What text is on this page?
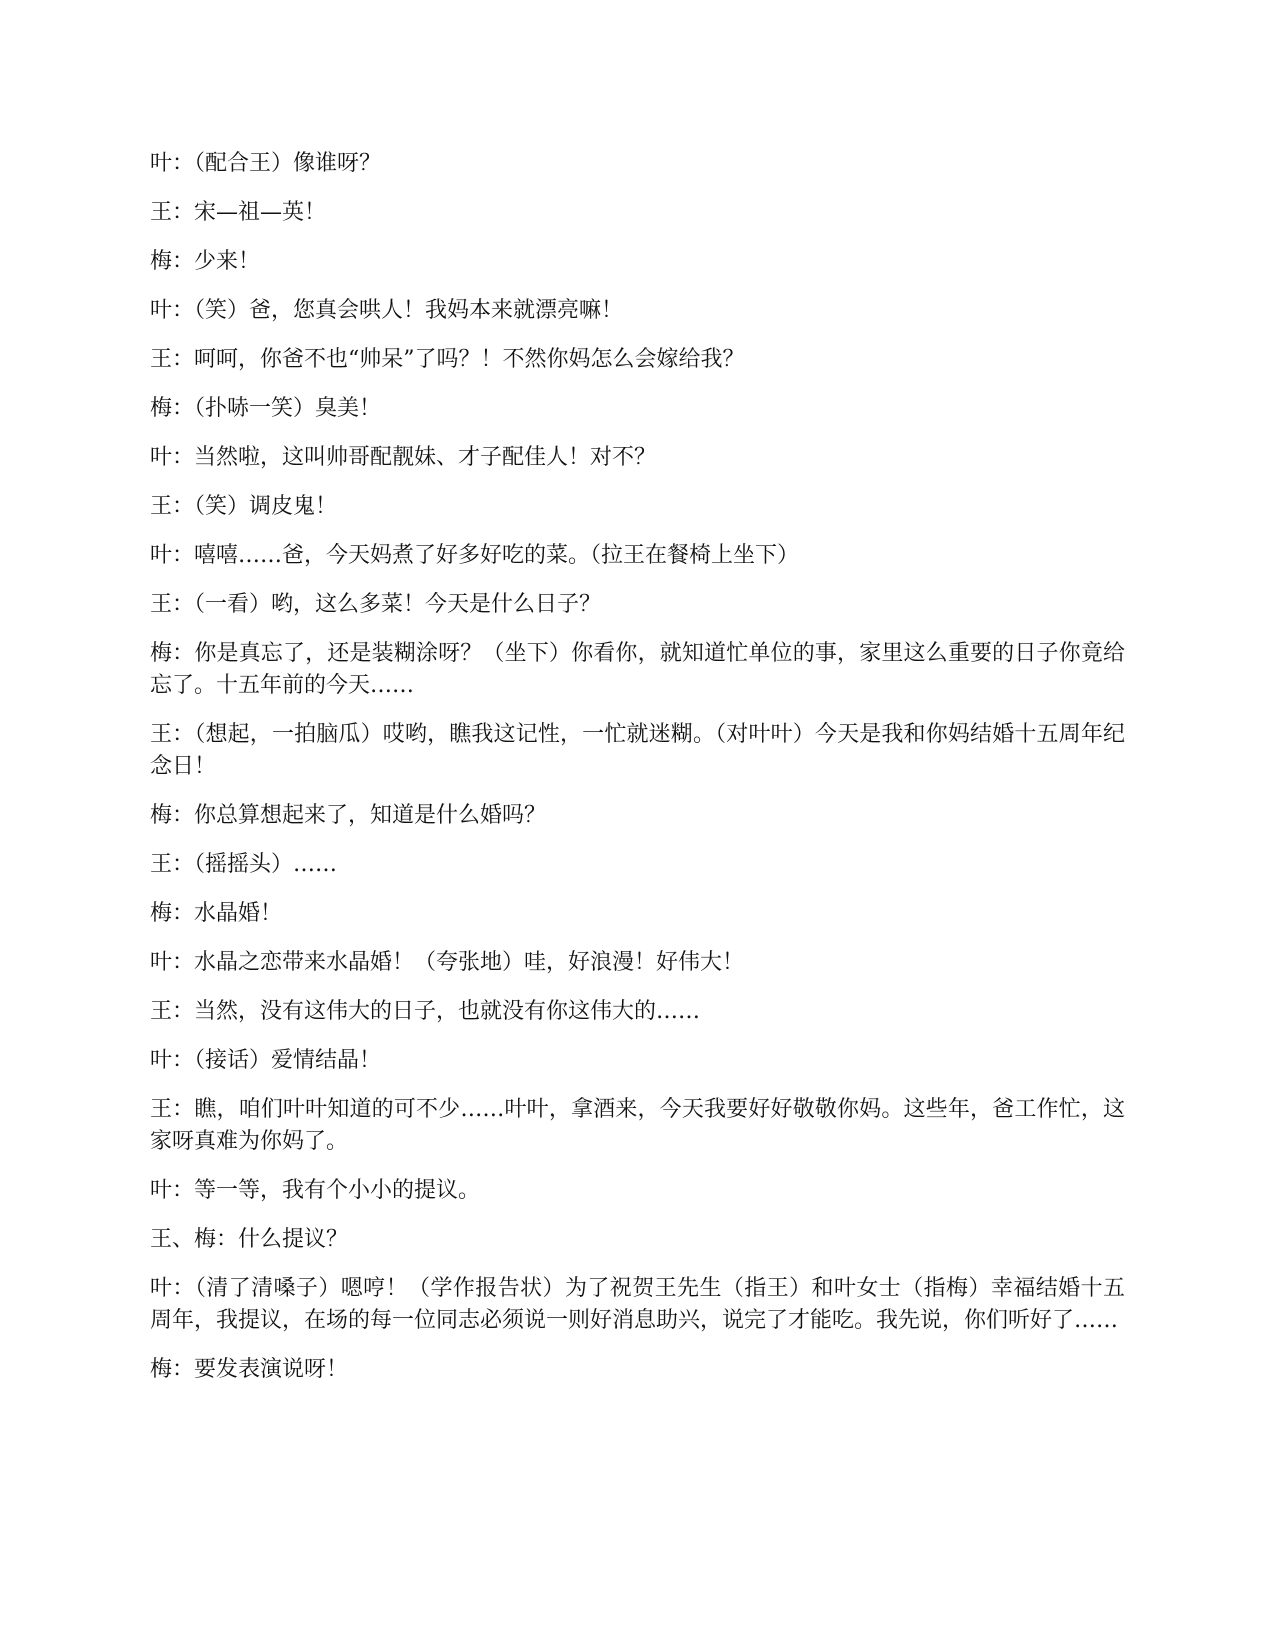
叶：（配合王）像谁呀？

王：宋—祖—英！

梅：少来！

叶：（笑）爸，您真会哄人！我妈本来就漂亮嘛！

王：呵呵，你爸不也“帅呆”了吗？！不然你妈怎么会嫁给我？

梅：（扑哧一笑）臭美！

叶：当然啦，这叫帅哥配靓妹、才子配佳人！对不？

王：（笑）调皮鬼！

叶：嘻嘻……爸，今天妈煮了好多好吃的菜。（拉王在餐椅上坐下）

王：（一看）哟，这么多菜！今天是什么日子？

梅：你是真忘了，还是装糊涂呀？（坐下）你看你，就知道忙单位的事，家里这么重要的日子你竟给忘了。十五年前的今天……

王：（想起，一拍脑瓜）哎哟，瞧我这记性，一忙就迷糊。（对叶叶）今天是我和你妈结婚十五周年纪念日！

梅：你总算想起来了，知道是什么婚吗？

王：（摇摇头）……

梅：水晶婚！

叶：水晶之恋带来水晶婚！（夸张地）哇，好浪漫！好伟大！

王：当然，没有这伟大的日子，也就没有你这伟大的……

叶：（接话）爱情结晶！

王：瞧，咱们叶叶知道的可不少……叶叶，拿酒来，今天我要好好敬敬你妈。这些年，爸工作忙，这家呀真难为你妈了。

叶：等一等，我有个小小的提议。

王、梅：什么提议？

叶：（清了清嗓子）嗯哼！（学作报告状）为了祝贺王先生（指王）和叶女士（指梅）幸福结婚十五周年，我提议，在场的每一位同志必须说一则好消息助兴，说完了才能吃。我先说，你们听好了……

梅：要发表演说呀！
